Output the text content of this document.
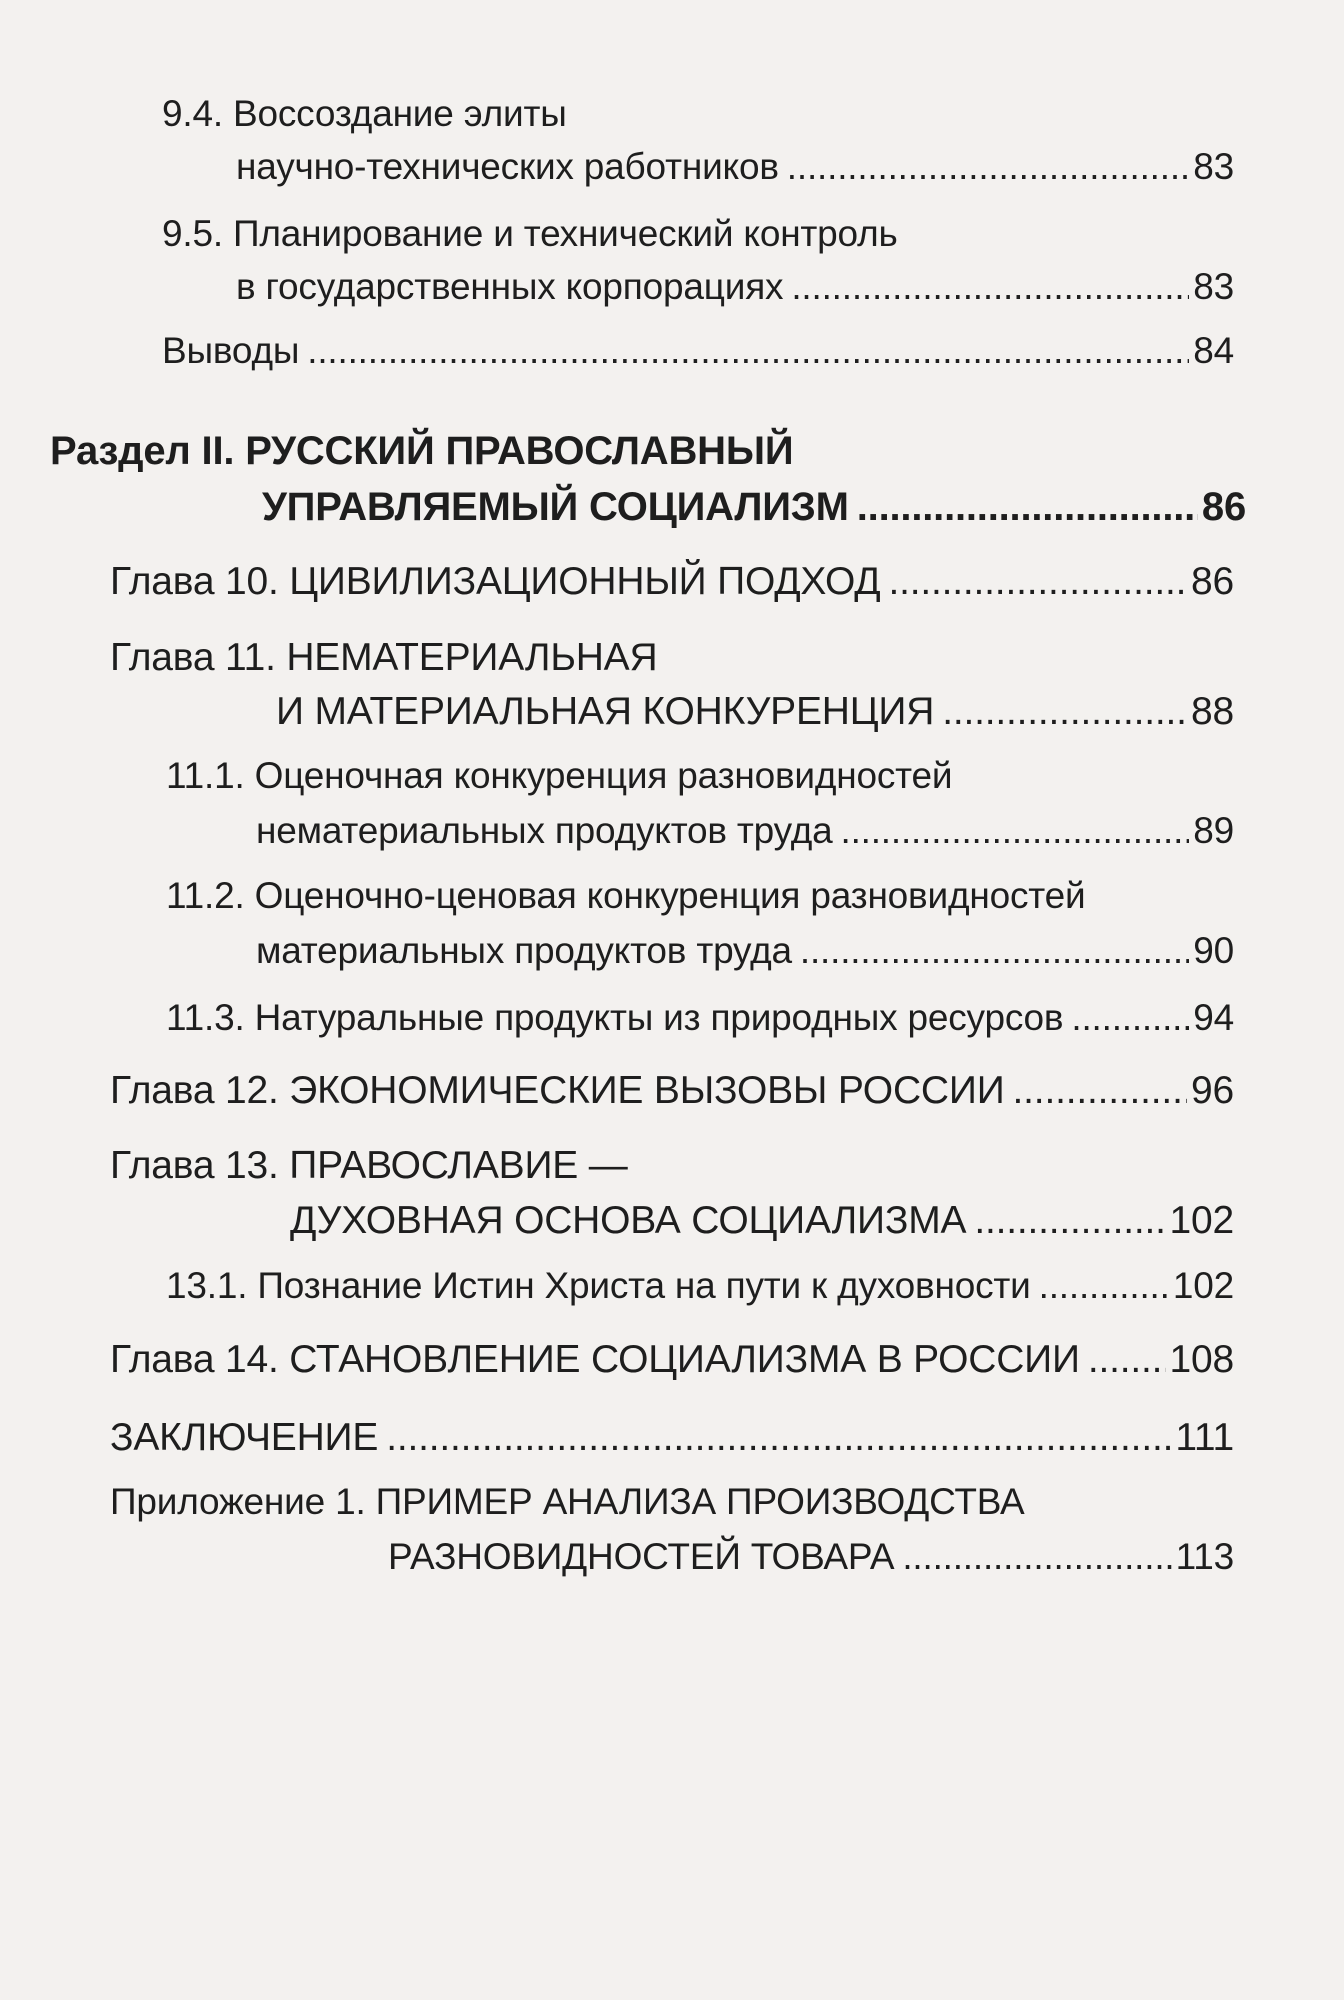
9.4. Воссоздание элиты
научно-технических работников .....	83
9.5. Планирование и технический контроль
в государственных корпорациях .....	83
Выводы .....	84
Раздел II. РУССКИЙ ПРАВОСЛАВНЫЙ
УПРАВЛЯЕМЫЙ СОЦИАЛИЗМ .....	86
Глава 10.
ЦИВИЛИЗАЦИОННЫЙ ПОДХОД .....	86
Глава 11. НЕМАТЕРИАЛЬНАЯ
И МАТЕРИАЛЬНАЯ КОНКУРЕНЦИЯ .....	88
11.1. Оценочная конкуренция разновидностей
нематериальных продуктов труда .....	89
11.2. Оценочно-ценовая конкуренция разновидностей
материальных продуктов труда .....	90
11.3.
Натуральные продукты из природных ресурсов .....	94
Глава 12.
ЭКОНОМИЧЕСКИЕ ВЫЗОВЫ РОССИИ .....	96
Глава 13. ПРАВОСЛАВИЕ —
ДУХОВНАЯ ОСНОВА СОЦИАЛИЗМА .....	102
13.1.
Познание Истин Христа на пути к духовности .....	102
Глава 14.
СТАНОВЛЕНИЕ СОЦИАЛИЗМА В РОССИИ ..... 108
ЗАКЛЮЧЕНИЕ .....	111
Приложение 1. ПРИМЕР АНАЛИЗА ПРОИЗВОДСТВА
РАЗНОВИДНОСТЕЙ ТОВАРА .....	113
